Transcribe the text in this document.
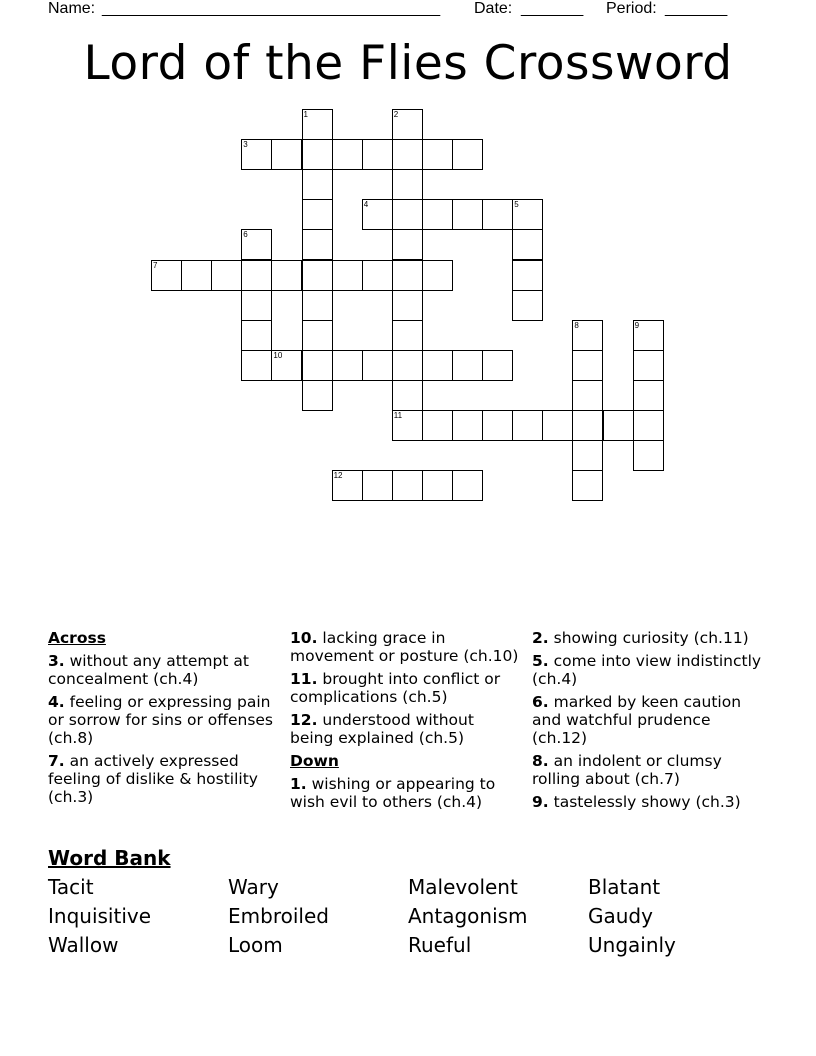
Name: ______________________________________ Date: _______ Period: _______
Lord of the Flies Crossword
1	2
3
4	5
6
7
8	9
10
11
12
Across
3. without any attempt at concealment (ch.4)
4. feeling or expressing pain or sorrow for sins or offenses (ch.8)
7. an actively expressed feeling of dislike & hostility (ch.3)
10. lacking grace in movement or posture (ch.10)
11. brought into conflict or complications (ch.5)
12. understood without being explained (ch.5)
Down
1. wishing or appearing to wish evil to others (ch.4)
2. showing curiosity (ch.11)
5. come into view indistinctly (ch.4)
6. marked by keen caution and watchful prudence (ch.12)
8. an indolent or clumsy rolling about (ch.7)
9. tastelessly showy (ch.3)
Word Bank
Tacit	Wary	Malevolent	Blatant
Inquisitive	Embroiled	Antagonism	Gaudy
Wallow	Loom	Rueful	Ungainly
